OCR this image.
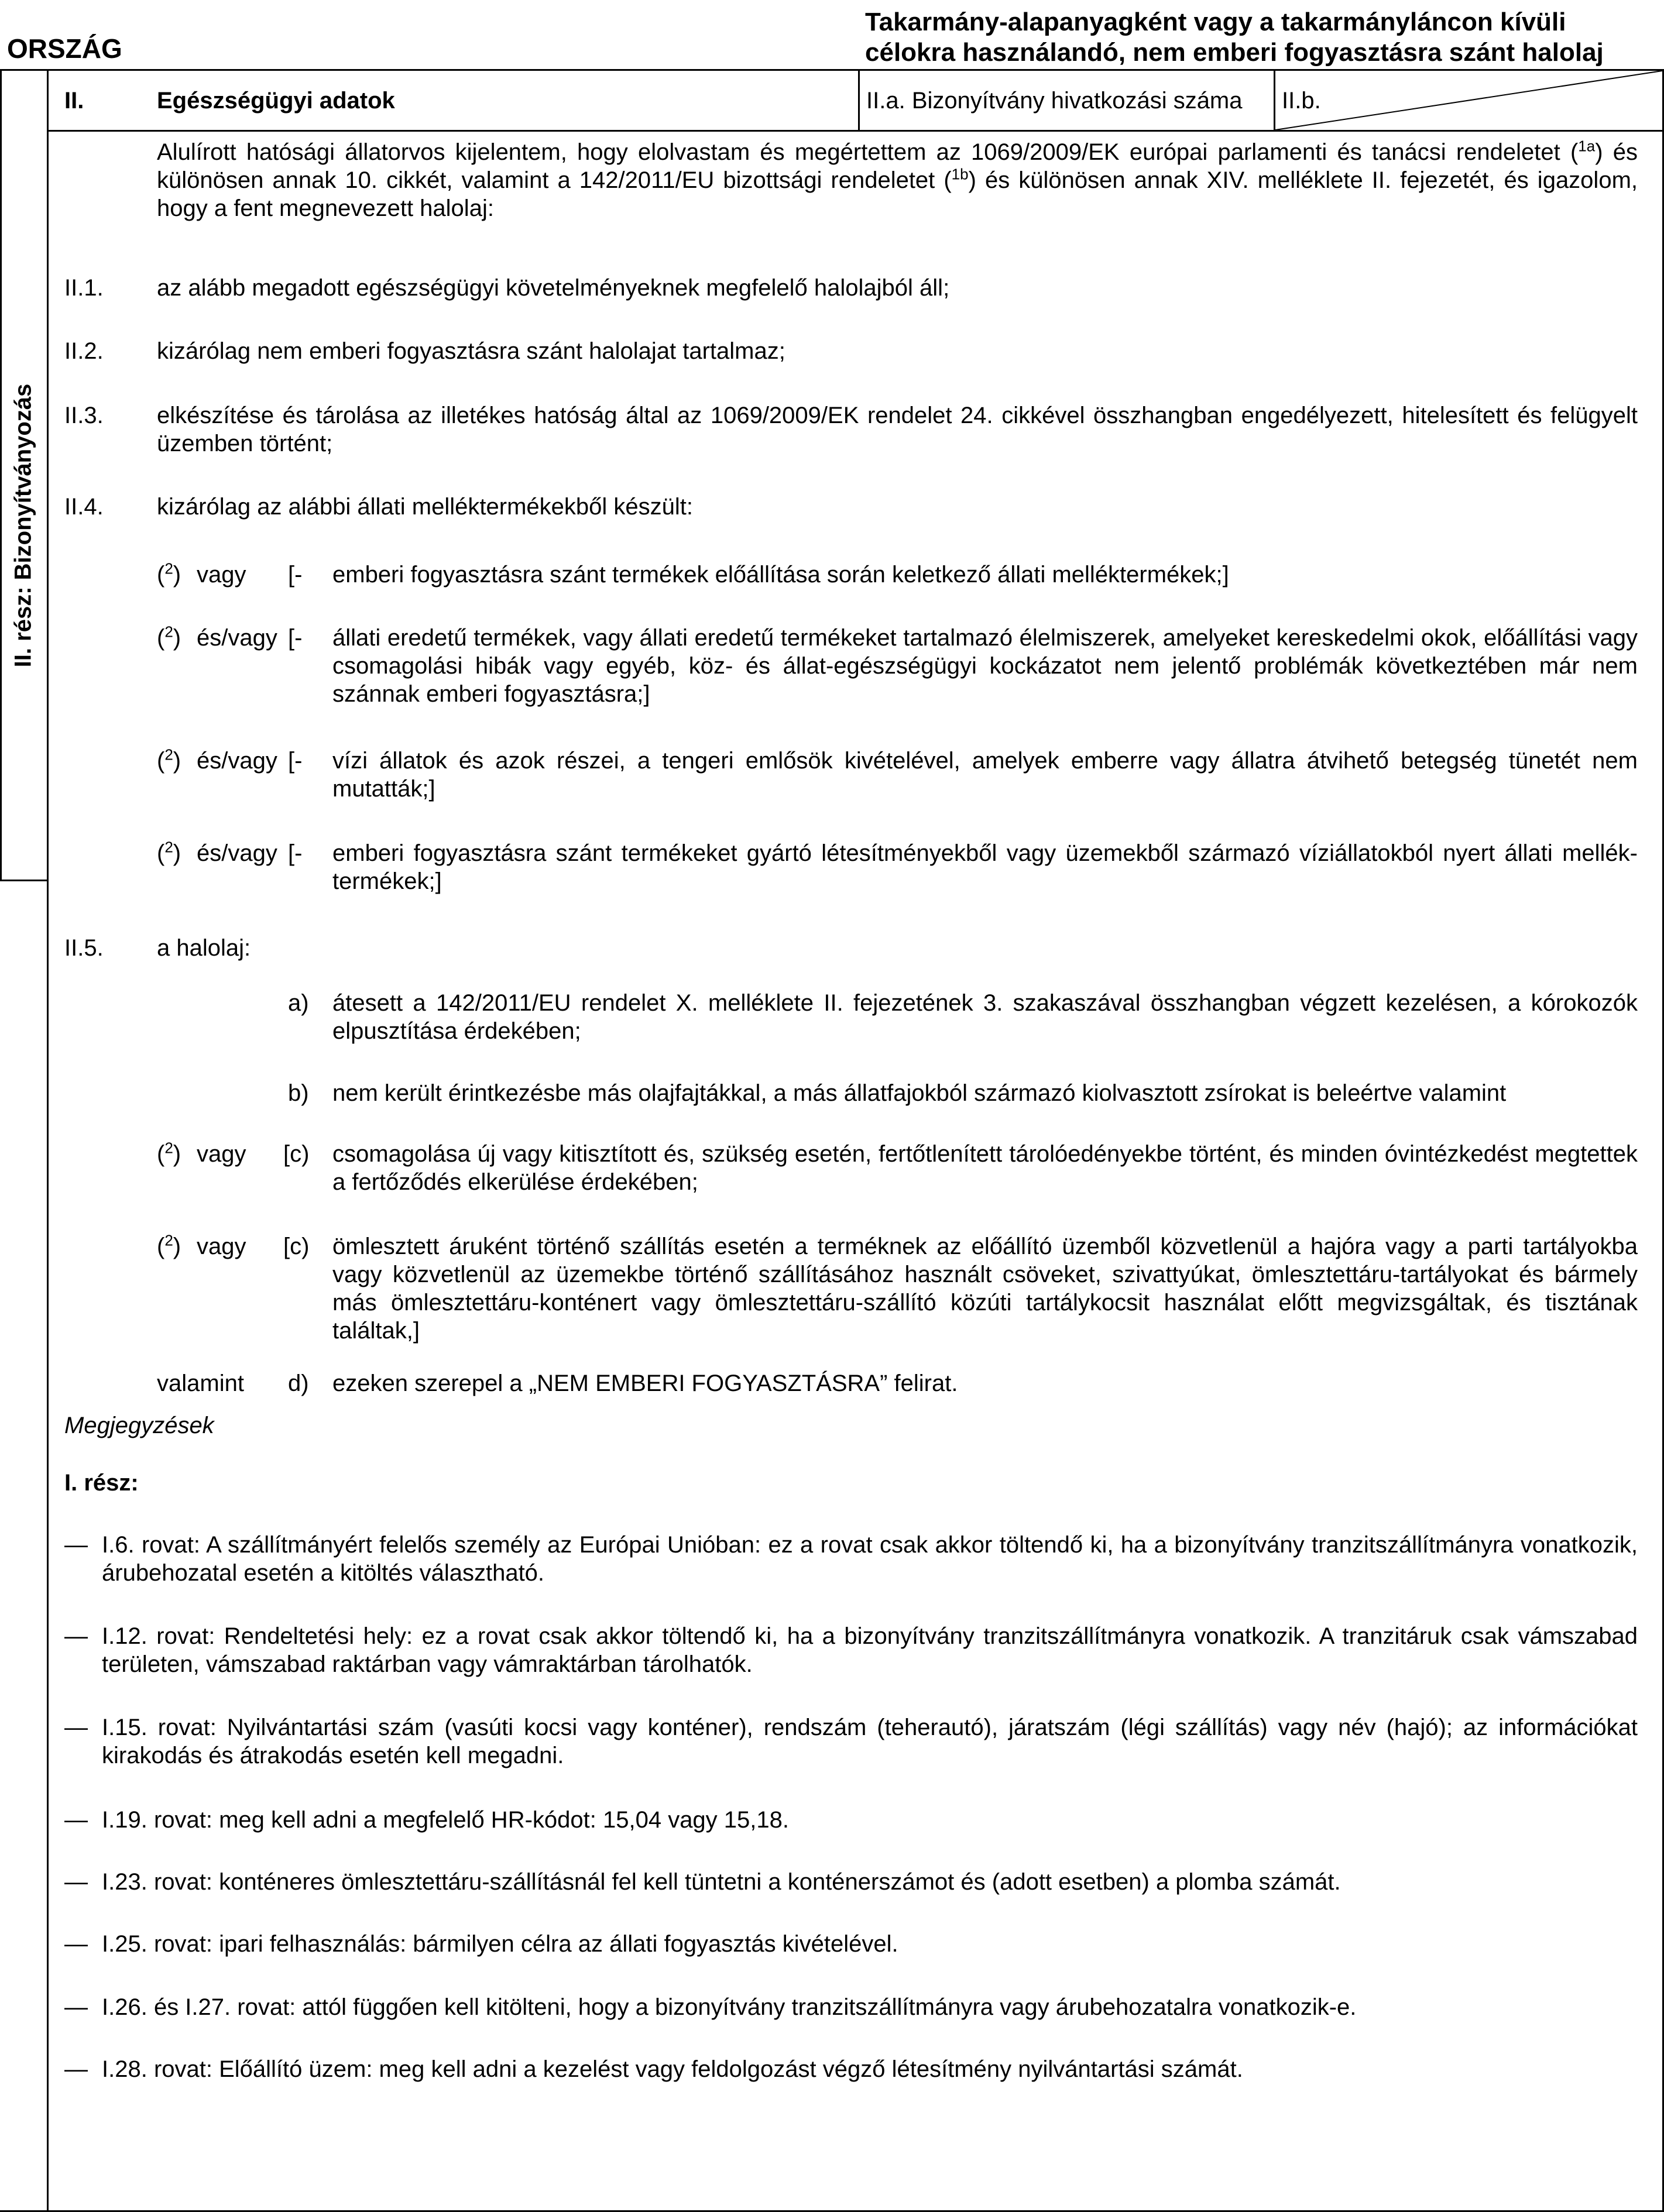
ORSZÁG
Takarmány-alapanyagként vagy a takarmányláncon kívüli célokra használandó, nem emberi fogyasztásra szánt halolaj
II. rész: Bizonyítványozás
II.	Egészségügyi adatok	II.a. Bizonyítvány hivatkozási száma II.b.
Alulírott hatósági állatorvos kijelentem, hogy elolvastam és megértettem az 1069/2009/EK európai parlamenti és tanácsi rendeletet ($^{1a}$) és különösen annak 10. cikkét, valamint a 142/2011/EU bizottsági rendeletet ($^{1b}$) és különösen annak XIV. melléklete II. fejezetét, és igazolom, hogy a fent megnevezett halolaj:
II.1. az alább megadott egészségügyi követelményeknek megfelelő halolajból áll;
II.2. kizárólag nem emberi fogyasztásra szánt halolajat tartalmaz;
II.3. elkészítése és tárolása az illetékes hatóság által az 1069/2009/EK rendelet 24. cikkével összhangban engedélyezett, hitelesített és felügyelt üzemben történt;
II.4. kizárólag az alábbi állati melléktermékekből készült:
($^2$) vagy [- emberi fogyasztásra szánt termékek előállítása során keletkező állati melléktermékek;]
($^2$) és/vagy [- állati eredetű termékek, vagy állati eredetű termékeket tartalmazó élelmiszerek, amelyeket kereskedelmi okok, előállítási vagy csomagolási hibák vagy egyéb, köz- és állat-egészségügyi kockázatot nem jelentő problémák következtében már nem szánnak emberi fogyasztásra;]
($^2$) és/vagy [- vízi állatok és azok részei, a tengeri emlősök kivételével, amelyek emberre vagy állatra átvihető betegség tünetét nem mutatták;]
($^2$) és/vagy [- emberi fogyasztásra szánt termékeket gyártó létesítményekből vagy üzemekből származó víziállatokból nyert állati mellék-termékek;]
II.5. a halolaj:
a) átesett a 142/2011/EU rendelet X. melléklete II. fejezetének 3. szakaszával összhangban végzett kezelésen, a kórokozók elpusztítása érdekében;
b) nem került érintkezésbe más olajfajtákkal, a más állatfajokból származó kiolvasztott zsírokat is beleértve valamint
($^2$) vagy [c) csomagolása új vagy kitisztított és, szükség esetén, fertőtlenített tárolóedényekbe történt, és minden óvintézkedést megtettek a fertőződés elkerülése érdekében;
($^2$) vagy [c) ömlesztett áruként történő szállítás esetén a terméknek az előállító üzemből közvetlenül a hajóra vagy a parti tartályokba vagy közvetlenül az üzemekbe történő szállításához használt csöveket, szivattyúkat, ömlesztettáru-tartályokat és bármely más ömlesztettáru-konténert vagy ömlesztettáru-szállító közúti tartálykocsit használat előtt megvizsgáltak, és tisztának találtak,]
valamint d) ezeken szerepel a „NEM EMBERI FOGYASZTÁSRA” felirat.
Megjegyzések
I. rész:
— I.6. rovat: A szállítmányért felelős személy az Európai Unióban: ez a rovat csak akkor töltendő ki, ha a bizonyítvány tranzitszállítmányra vonatkozik, árubehozatal esetén a kitöltés választható.
— I.12. rovat: Rendeltetési hely: ez a rovat csak akkor töltendő ki, ha a bizonyítvány tranzitszállítmányra vonatkozik. A tranzitáruk csak vámszabad területen, vámszabad raktárban vagy vámraktárban tárolhatók.
— I.15. rovat: Nyilvántartási szám (vasúti kocsi vagy konténer), rendszám (teherautó), járatszám (légi szállítás) vagy név (hajó); az információkat kirakodás és átrakodás esetén kell megadni.
— I.19. rovat: meg kell adni a megfelelő HR-kódot: 15,04 vagy 15,18.
— I.23. rovat: konténeres ömlesztettáru-szállításnál fel kell tüntetni a konténerszámot és (adott esetben) a plomba számát.
— I.25. rovat: ipari felhasználás: bármilyen célra az állati fogyasztás kivételével.
— I.26. és I.27. rovat: attól függően kell kitölteni, hogy a bizonyítvány tranzitszállítmányra vagy árubehozatalra vonatkozik-e.
— I.28. rovat: Előállító üzem: meg kell adni a kezelést vagy feldolgozást végző létesítmény nyilvántartási számát.
